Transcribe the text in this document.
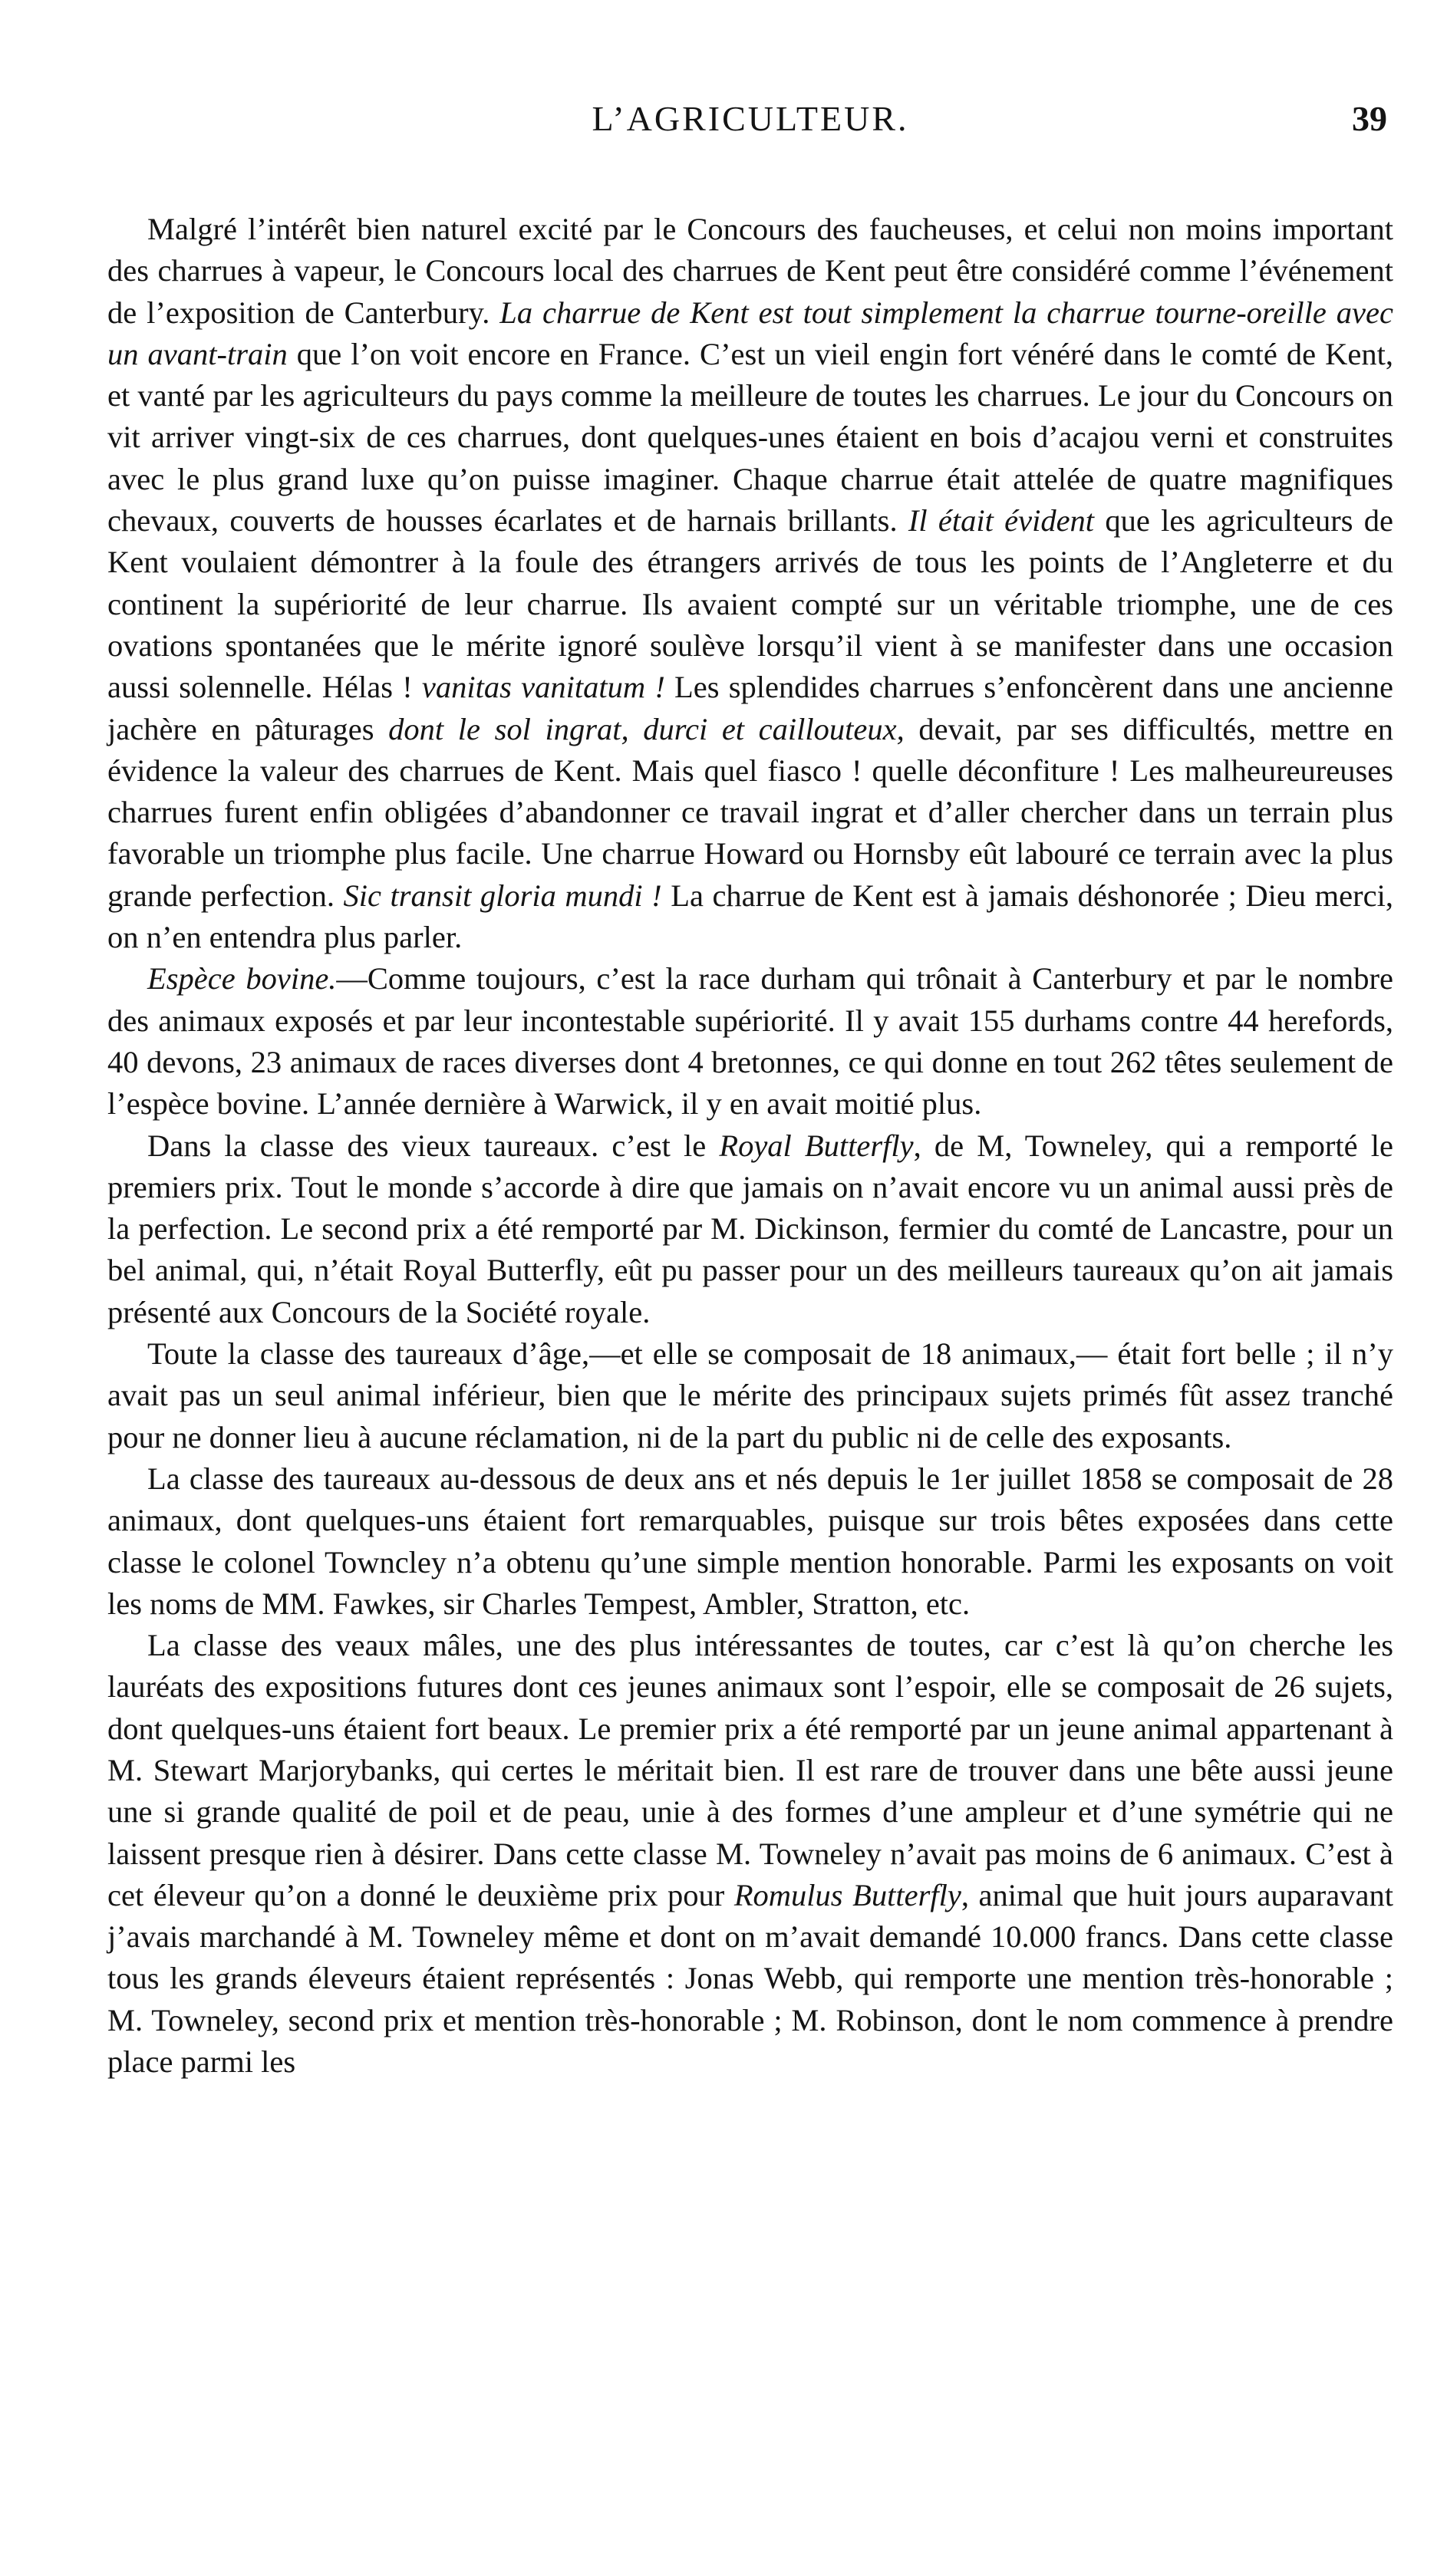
L’AGRICULTEUR.	39

Malgré l’intérêt bien naturel excité par le Concours des faucheuses, et celui non moins important des charrues à vapeur, le Concours local des charrues de Kent peut être considéré comme l’événement de l’exposition de Canterbury. La charrue de Kent est tout simplement la charrue tourne-oreille avec un avant-train que l’on voit encore en France. C’est un vieil engin fort vénéré dans le comté de Kent, et vanté par les agriculteurs du pays comme la meilleure de toutes les charrues. Le jour du Concours on vit arriver vingt-six de ces charrues, dont quelques-unes étaient en bois d’acajou verni et construites avec le plus grand luxe qu’on puisse imaginer. Chaque charrue était attelée de quatre magnifiques chevaux, couverts de housses écarlates et de harnais brillants. Il était évident que les agriculteurs de Kent voulaient démontrer à la foule des étrangers arrivés de tous les points de l’Angleterre et du continent la supériorité de leur charrue. Ils avaient compté sur un véritable triomphe, une de ces ovations spontanées que le mérite ignoré soulève lorsqu’il vient à se manifester dans une occasion aussi solennelle. Hélas ! vanitas vanitatum ! Les splendides charrues s’enfoncèrent dans une ancienne jachère en pâturages dont le sol ingrat, durci et caillouteux, devait, par ses difficultés, mettre en évidence la valeur des charrues de Kent. Mais quel fiasco ! quelle déconfiture ! Les malheureureuses charrues furent enfin obligées d’abandonner ce travail ingrat et d’aller chercher dans un terrain plus favorable un triomphe plus facile. Une charrue Howard ou Hornsby eût labouré ce terrain avec la plus grande perfection. Sic transit gloria mundi ! La charrue de Kent est à jamais déshonorée ; Dieu merci, on n’en entendra plus parler.

Espèce bovine.—Comme toujours, c’est la race durham qui trônait à Canterbury et par le nombre des animaux exposés et par leur incontestable supériorité. Il y avait 155 durhams contre 44 herefords, 40 devons, 23 animaux de races diverses dont 4 bretonnes, ce qui donne en tout 262 têtes seulement de l’espèce bovine. L’année dernière à Warwick, il y en avait moitié plus.

Dans la classe des vieux taureaux. c’est le Royal Butterfly, de M, Towneley, qui a remporté le premiers prix. Tout le monde s’accorde à dire que jamais on n’avait encore vu un animal aussi près de la perfection. Le second prix a été remporté par M. Dickinson, fermier du comté de Lancastre, pour un bel animal, qui, n’était Royal Butterfly, eût pu passer pour un des meilleurs taureaux qu’on ait jamais présenté aux Concours de la Société royale.

Toute la classe des taureaux d’âge,—et elle se composait de 18 animaux,— était fort belle ; il n’y avait pas un seul animal inférieur, bien que le mérite des principaux sujets primés fût assez tranché pour ne donner lieu à aucune réclamation, ni de la part du public ni de celle des exposants.

La classe des taureaux au-dessous de deux ans et nés depuis le 1er juillet 1858 se composait de 28 animaux, dont quelques-uns étaient fort remarquables, puisque sur trois bêtes exposées dans cette classe le colonel Towncley n’a obtenu qu’une simple mention honorable. Parmi les exposants on voit les noms de MM. Fawkes, sir Charles Tempest, Ambler, Stratton, etc.

La classe des veaux mâles, une des plus intéressantes de toutes, car c’est là qu’on cherche les lauréats des expositions futures dont ces jeunes animaux sont l’espoir, elle se composait de 26 sujets, dont quelques-uns étaient fort beaux. Le premier prix a été remporté par un jeune animal appartenant à M. Stewart Marjorybanks, qui certes le méritait bien. Il est rare de trouver dans une bête aussi jeune une si grande qualité de poil et de peau, unie à des formes d’une ampleur et d’une symétrie qui ne laissent presque rien à désirer. Dans cette classe M. Towneley n’avait pas moins de 6 animaux. C’est à cet éleveur qu’on a donné le deuxième prix pour Romulus Butterfly, animal que huit jours auparavant j’avais marchandé à M. Towneley même et dont on m’avait demandé 10.000 francs. Dans cette classe tous les grands éleveurs étaient représentés : Jonas Webb, qui remporte une mention très-honorable ; M. Towneley, second prix et mention très-honorable ; M. Robinson, dont le nom commence à prendre place parmi les
